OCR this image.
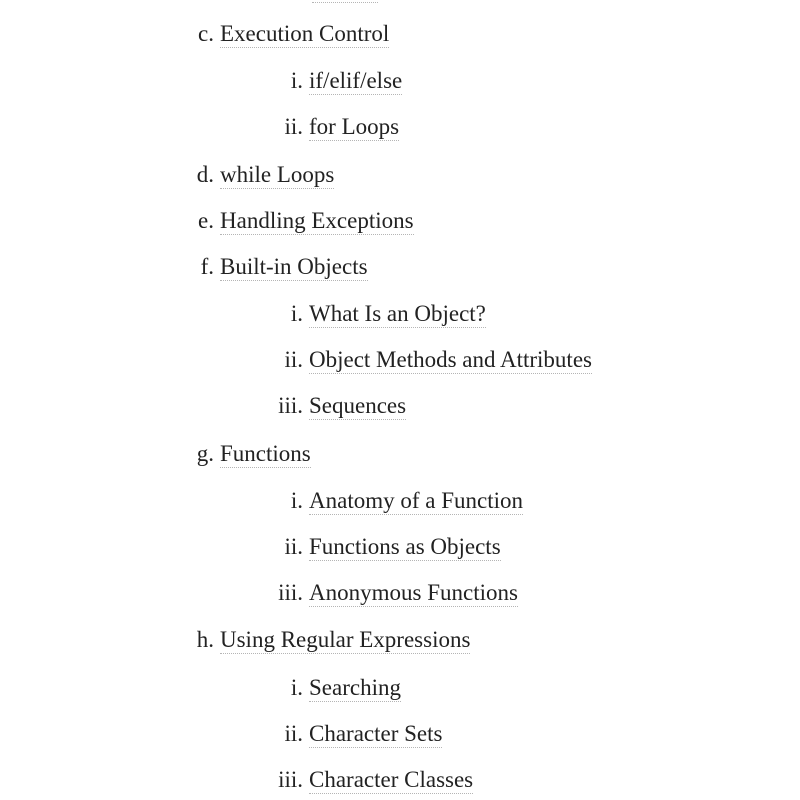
c. Execution Control
i. if/elif/else
ii. for Loops
d. while Loops
e. Handling Exceptions
f. Built-in Objects
i. What Is an Object?
ii. Object Methods and Attributes
iii. Sequences
g. Functions
i. Anatomy of a Function
ii. Functions as Objects
iii. Anonymous Functions
h. Using Regular Expressions
i. Searching
ii. Character Sets
iii. Character Classes
